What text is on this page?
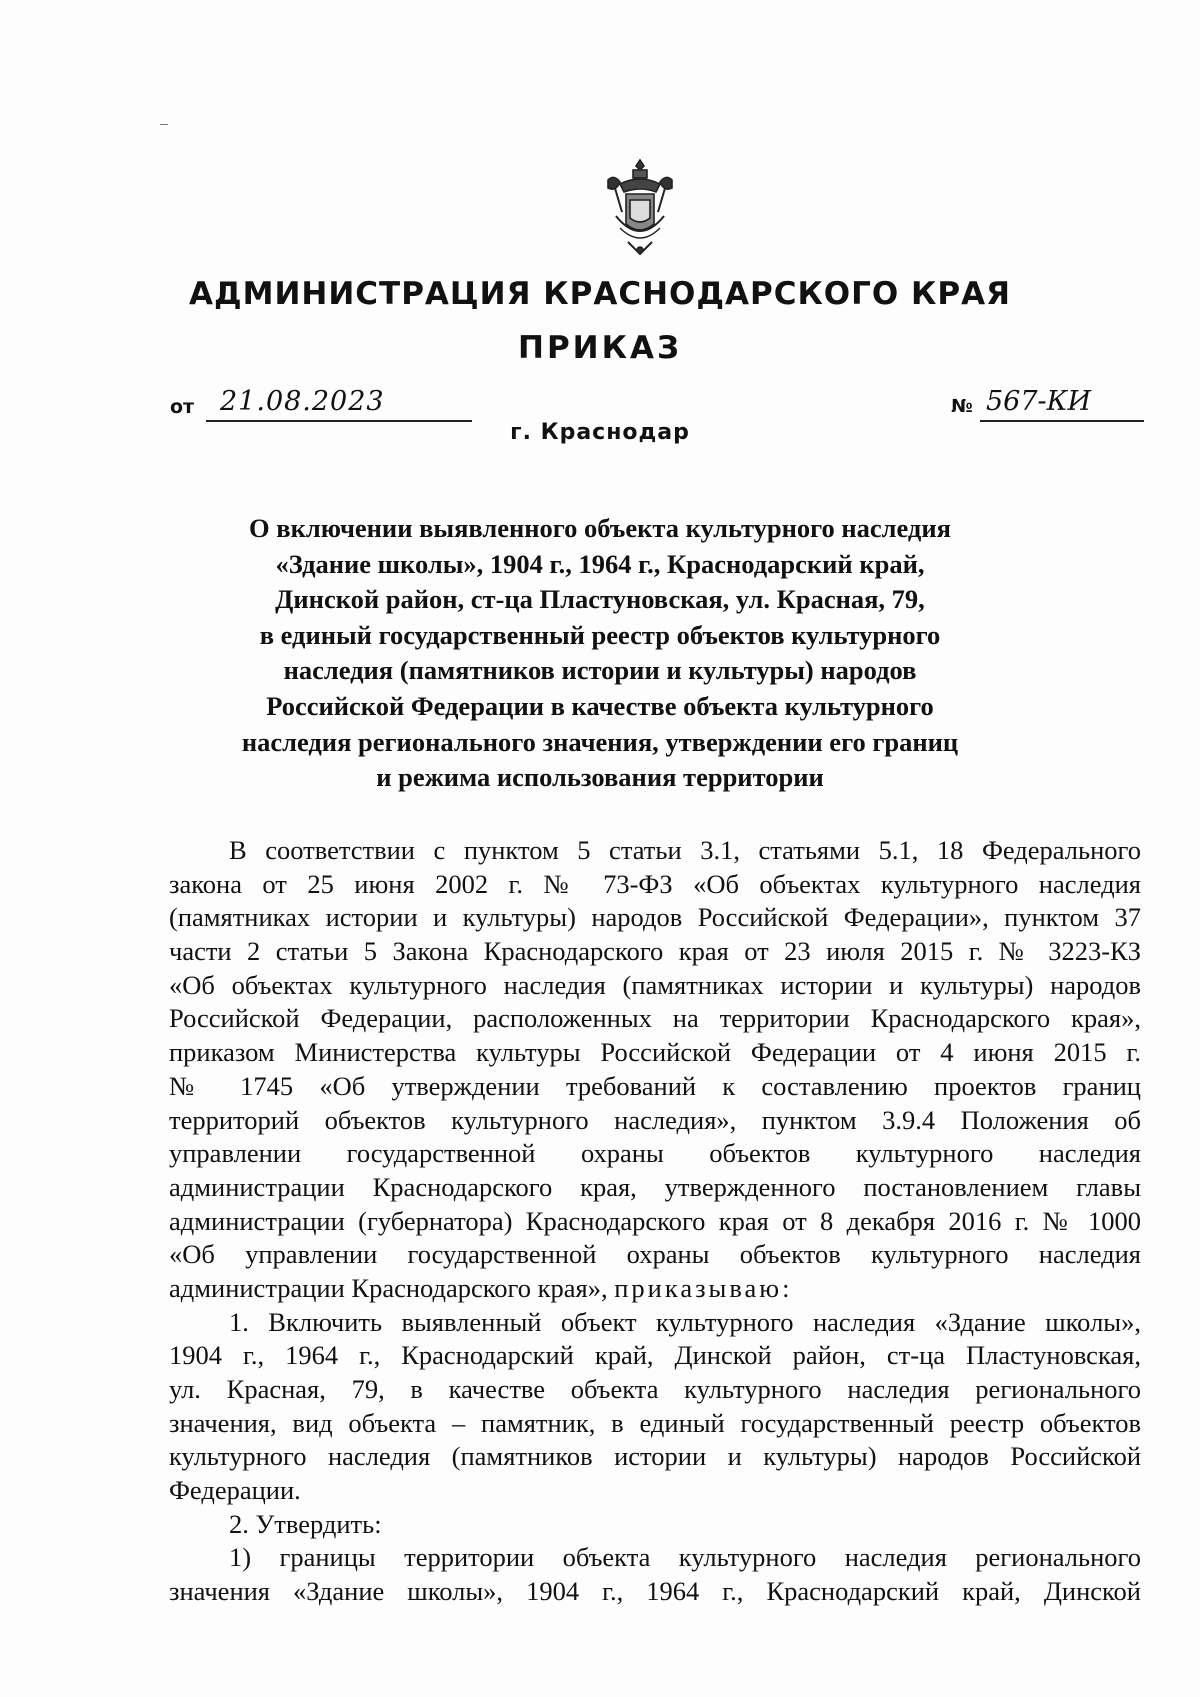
АДМИНИСТРАЦИЯ КРАСНОДАРСКОГО КРАЯ
ПРИКАЗ
от 21.08.2023	№ 567-КИ
г. Краснодар
О включении выявленного объекта культурного наследия
«Здание школы», 1904 г., 1964 г., Краснодарский край,
Динской район, ст-ца Пластуновская, ул. Красная, 79,
в единый государственный реестр объектов культурного
наследия (памятников истории и культуры) народов
Российской Федерации в качестве объекта культурного
наследия регионального значения, утверждении его границ
и режима использования территории
В соответствии с пунктом 5 статьи 3.1, статьями 5.1, 18 Федерального
закона от 25 июня 2002 г. № 73-ФЗ «Об объектах культурного наследия
(памятниках истории и культуры) народов Российской Федерации», пунктом 37
части 2 статьи 5 Закона Краснодарского края от 23 июля 2015 г. № 3223-КЗ
«Об объектах культурного наследия (памятниках истории и культуры) народов
Российской Федерации, расположенных на территории Краснодарского края»,
приказом Министерства культуры Российской Федерации от 4 июня 2015 г.
№ 1745 «Об утверждении требований к составлению проектов границ
территорий объектов культурного наследия», пунктом 3.9.4 Положения об
управлении государственной охраны объектов культурного наследия
администрации Краснодарского края, утвержденного постановлением главы
администрации (губернатора) Краснодарского края от 8 декабря 2016 г. № 1000
«Об управлении государственной охраны объектов культурного наследия
администрации Краснодарского края», приказываю:
1. Включить выявленный объект культурного наследия «Здание школы»,
1904 г., 1964 г., Краснодарский край, Динской район, ст-ца Пластуновская,
ул. Красная, 79, в качестве объекта культурного наследия регионального
значения, вид объекта – памятник, в единый государственный реестр объектов
культурного наследия (памятников истории и культуры) народов Российской
Федерации.
2. Утвердить:
1) границы территории объекта культурного наследия регионального
значения «Здание школы», 1904 г., 1964 г., Краснодарский край, Динской
